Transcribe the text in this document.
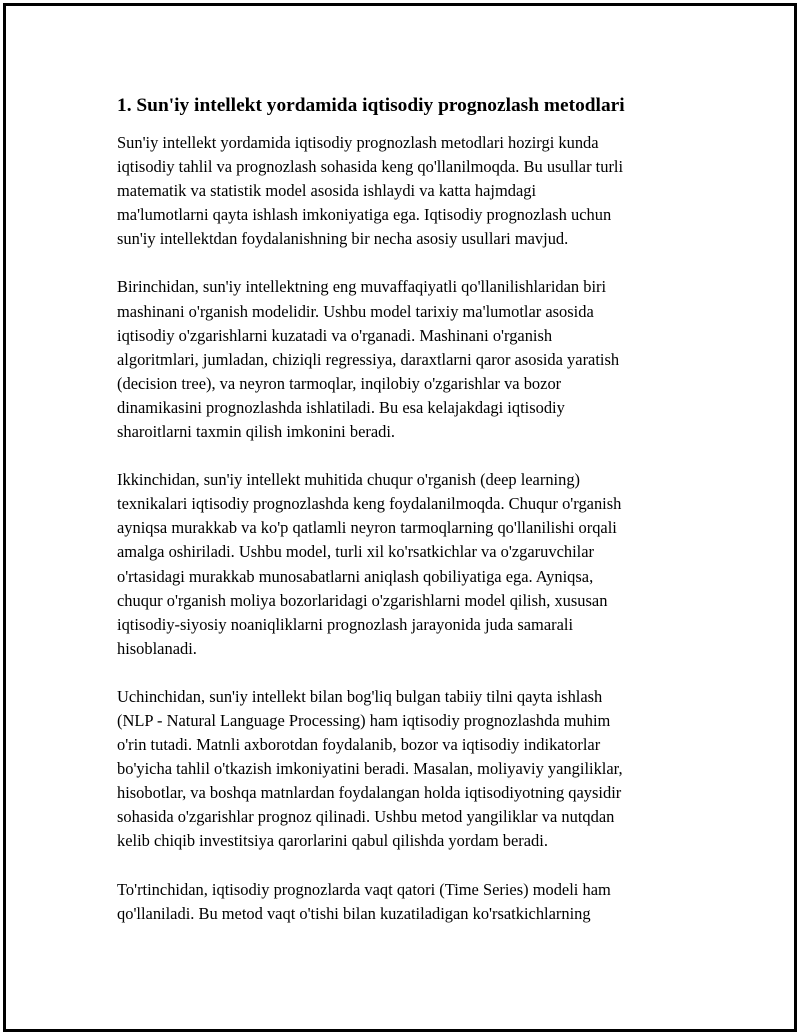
1. Sun'iy intellekt yordamida iqtisodiy prognozlash metodlari
Sun'iy intellekt yordamida iqtisodiy prognozlash metodlari hozirgi kunda
iqtisodiy tahlil va prognozlash sohasida keng qo'llanilmoqda. Bu usullar turli
matematik va statistik model asosida ishlaydi va katta hajmdagi
ma'lumotlarni qayta ishlash imkoniyatiga ega. Iqtisodiy prognozlash uchun
sun'iy intellektdan foydalanishning bir necha asosiy usullari mavjud.
Birinchidan, sun'iy intellektning eng muvaffaqiyatli qo'llanilishlaridan biri
mashinani o'rganish modelidir. Ushbu model tarixiy ma'lumotlar asosida
iqtisodiy o'zgarishlarni kuzatadi va o'rganadi. Mashinani o'rganish
algoritmlari, jumladan, chiziqli regressiya, daraxtlarni qaror asosida yaratish
(decision tree), va neyron tarmoqlar, inqilobiy o'zgarishlar va bozor
dinamikasini prognozlashda ishlatiladi. Bu esa kelajakdagi iqtisodiy
sharoitlarni taxmin qilish imkonini beradi.
Ikkinchidan, sun'iy intellekt muhitida chuqur o'rganish (deep learning)
texnikalari iqtisodiy prognozlashda keng foydalanilmoqda. Chuqur o'rganish
ayniqsa murakkab va ko'p qatlamli neyron tarmoqlarning qo'llanilishi orqali
amalga oshiriladi. Ushbu model, turli xil ko'rsatkichlar va o'zgaruvchilar
o'rtasidagi murakkab munosabatlarni aniqlash qobiliyatiga ega. Ayniqsa,
chuqur o'rganish moliya bozorlaridagi o'zgarishlarni model qilish, xususan
iqtisodiy-siyosiy noaniqliklarni prognozlash jarayonida juda samarali
hisoblanadi.
Uchinchidan, sun'iy intellekt bilan bog'liq bulgan tabiiy tilni qayta ishlash
(NLP - Natural Language Processing) ham iqtisodiy prognozlashda muhim
o'rin tutadi. Matnli axborotdan foydalanib, bozor va iqtisodiy indikatorlar
bo'yicha tahlil o'tkazish imkoniyatini beradi. Masalan, moliyaviy yangiliklar,
hisobotlar, va boshqa matnlardan foydalangan holda iqtisodiyotning qaysidir
sohasida o'zgarishlar prognoz qilinadi. Ushbu metod yangiliklar va nutqdan
kelib chiqib investitsiya qarorlarini qabul qilishda yordam beradi.
To'rtinchidan, iqtisodiy prognozlarda vaqt qatori (Time Series) modeli ham
qo'llaniladi. Bu metod vaqt o'tishi bilan kuzatiladigan ko'rsatkichlarning
